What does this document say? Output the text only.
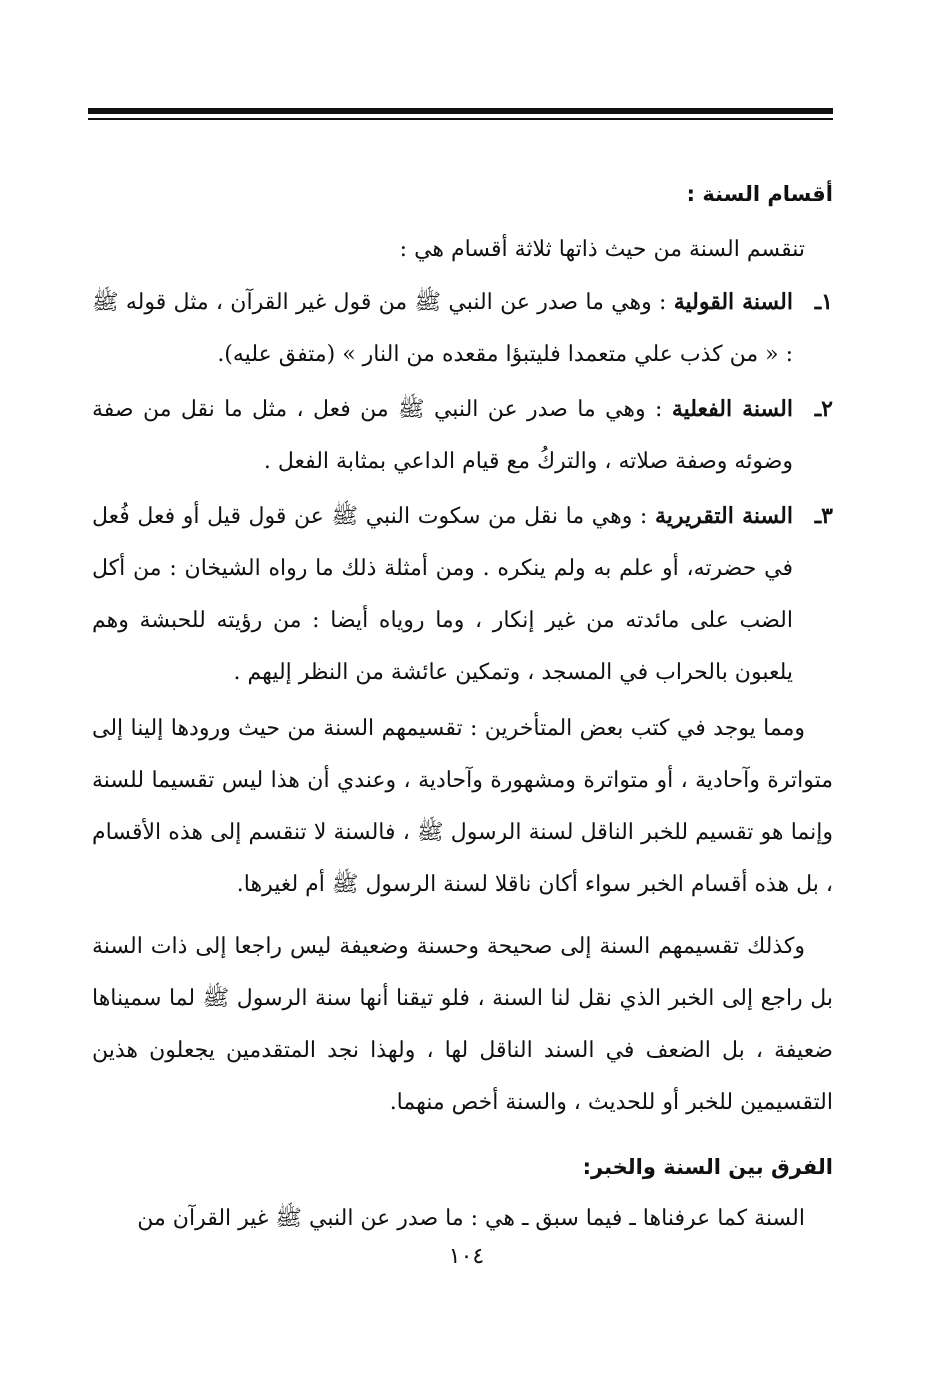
أقسام السنة :

تنقسم السنة من حيث ذاتها ثلاثة أقسام هي :

١ـ
السنة القولية : وهي ما صدر عن النبي ﷺ من قول غير القرآن ، مثل قوله ﷺ : « من كذب علي متعمدا فليتبؤا مقعده من النار » (متفق عليه).
٢ـ
السنة الفعلية : وهي ما صدر عن النبي ﷺ من فعل ، مثل ما نقل من صفة وضوئه وصفة صلاته ، والتركُ مع قيام الداعي بمثابة الفعل .
٣ـ
السنة التقريرية : وهي ما نقل من سكوت النبي ﷺ عن قول قيل أو فعل فُعل في حضرته، أو علم به ولم ينكره . ومن أمثلة ذلك ما رواه الشيخان : من أكل الضب على مائدته من غير إنكار ، وما روياه أيضا : من رؤيته للحبشة وهم يلعبون بالحراب في المسجد ، وتمكين عائشة من النظر إليهم .

ومما يوجد في كتب بعض المتأخرين : تقسيمهم السنة من حيث ورودها إلينا إلى متواترة وآحادية ، أو متواترة ومشهورة وآحادية ، وعندي أن هذا ليس تقسيما للسنة وإنما هو تقسيم للخبر الناقل لسنة الرسول ﷺ ، فالسنة لا تنقسم إلى هذه الأقسام ، بل هذه أقسام الخبر سواء أكان ناقلا لسنة الرسول ﷺ أم لغيرها.

وكذلك تقسيمهم السنة إلى صحيحة وحسنة وضعيفة ليس راجعا إلى ذات السنة بل راجع إلى الخبر الذي نقل لنا السنة ، فلو تيقنا أنها سنة الرسول ﷺ لما سميناها ضعيفة ، بل الضعف في السند الناقل لها ، ولهذا نجد المتقدمين يجعلون هذين التقسيمين للخبر أو للحديث ، والسنة أخص منهما.

الفرق بين السنة والخبر:

السنة كما عرفناها ـ فيما سبق ـ هي : ما صدر عن النبي ﷺ غير القرآن من

١٠٤
